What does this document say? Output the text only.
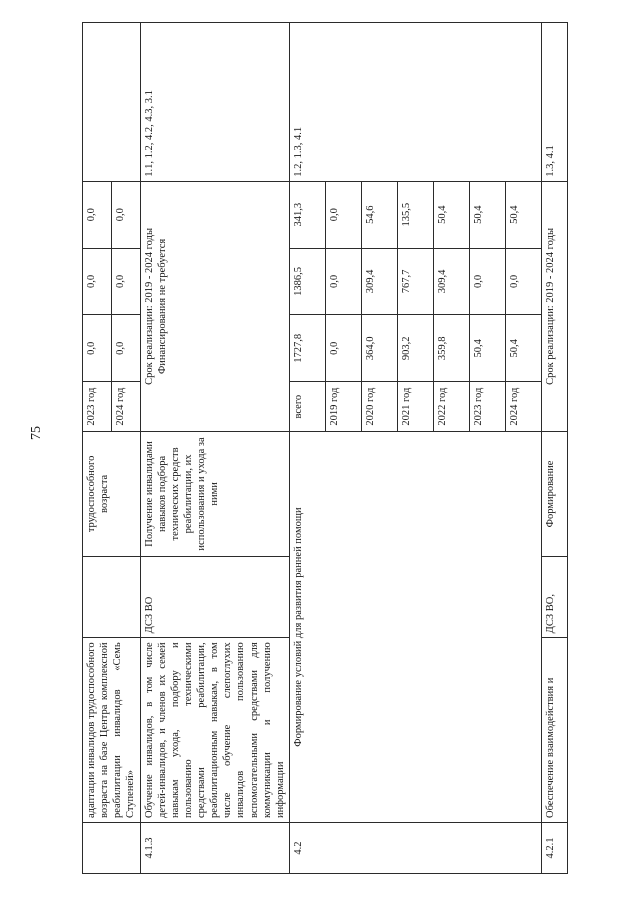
75
	адаптации инвалидов трудоспособного возраста на базе Центра комплексной реабилитации инвалидов «Семь Ступеней»		трудоспособного возраста	2023 год	0,0	0,0	0,0	
				2024 год	0,0	0,0	0,0	
4.1.3	Обучение инвалидов, в том числе детей-инвалидов, и членов их семей навыкам ухода, подбору и пользованию техническими средствами реабилитации, реабилитационным навыкам, в том числе обучение слепоглухих инвалидов пользованию вспомогательными средствами для коммуникации и получению информации	ДСЗ ВО	Получение инвалидами навыков подбора технических средств реабилитации, их использования и ухода за ними	Срок реализации: 2019 - 2024 годы Финансирования не требуется				1.1, 1.2, 4.2, 4.3, 3.1
4.2	Формирование условий для развития ранней помощи			всего	1727,8	1386,5	341,3	1.2, 1.3, 4.1
				2019 год	0,0	0,0	0,0	
				2020 год	364,0	309,4	54,6	
				2021 год	903,2	767,7	135,5	
				2022 год	359,8	309,4	50,4	
				2023 год	50,4	0,0	50,4	
				2024 год	50,4	0,0	50,4	
4.2.1	Обеспечение взаимодействия и	ДСЗ ВО,	Формирование	Срок реализации: 2019 - 2024 годы				1.3, 4.1
